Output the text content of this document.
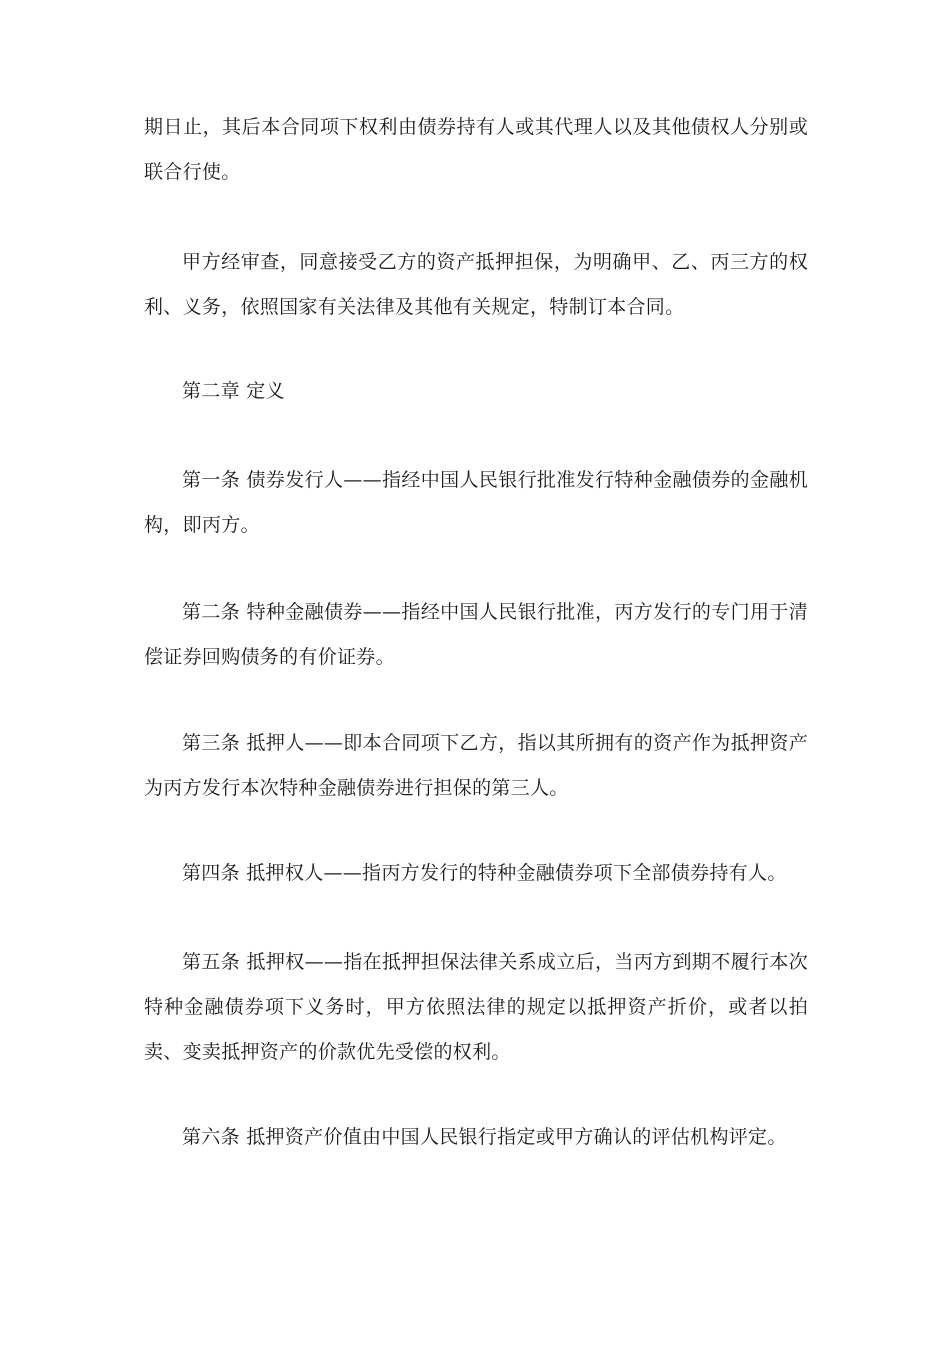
期日止，其后本合同项下权利由债券持有人或其代理人以及其他债权人分别或联合行使。

甲方经审查，同意接受乙方的资产抵押担保，为明确甲、乙、丙三方的权利、义务，依照国家有关法律及其他有关规定，特制订本合同。

第二章 定义

第一条 债券发行人——指经中国人民银行批准发行特种金融债券的金融机构，即丙方。

第二条 特种金融债券——指经中国人民银行批准，丙方发行的专门用于清偿证券回购债务的有价证券。

第三条 抵押人——即本合同项下乙方，指以其所拥有的资产作为抵押资产为丙方发行本次特种金融债券进行担保的第三人。

第四条 抵押权人——指丙方发行的特种金融债券项下全部债券持有人。

第五条 抵押权——指在抵押担保法律关系成立后，当丙方到期不履行本次特种金融债券项下义务时，甲方依照法律的规定以抵押资产折价，或者以拍卖、变卖抵押资产的价款优先受偿的权利。

第六条 抵押资产价值由中国人民银行指定或甲方确认的评估机构评定。
